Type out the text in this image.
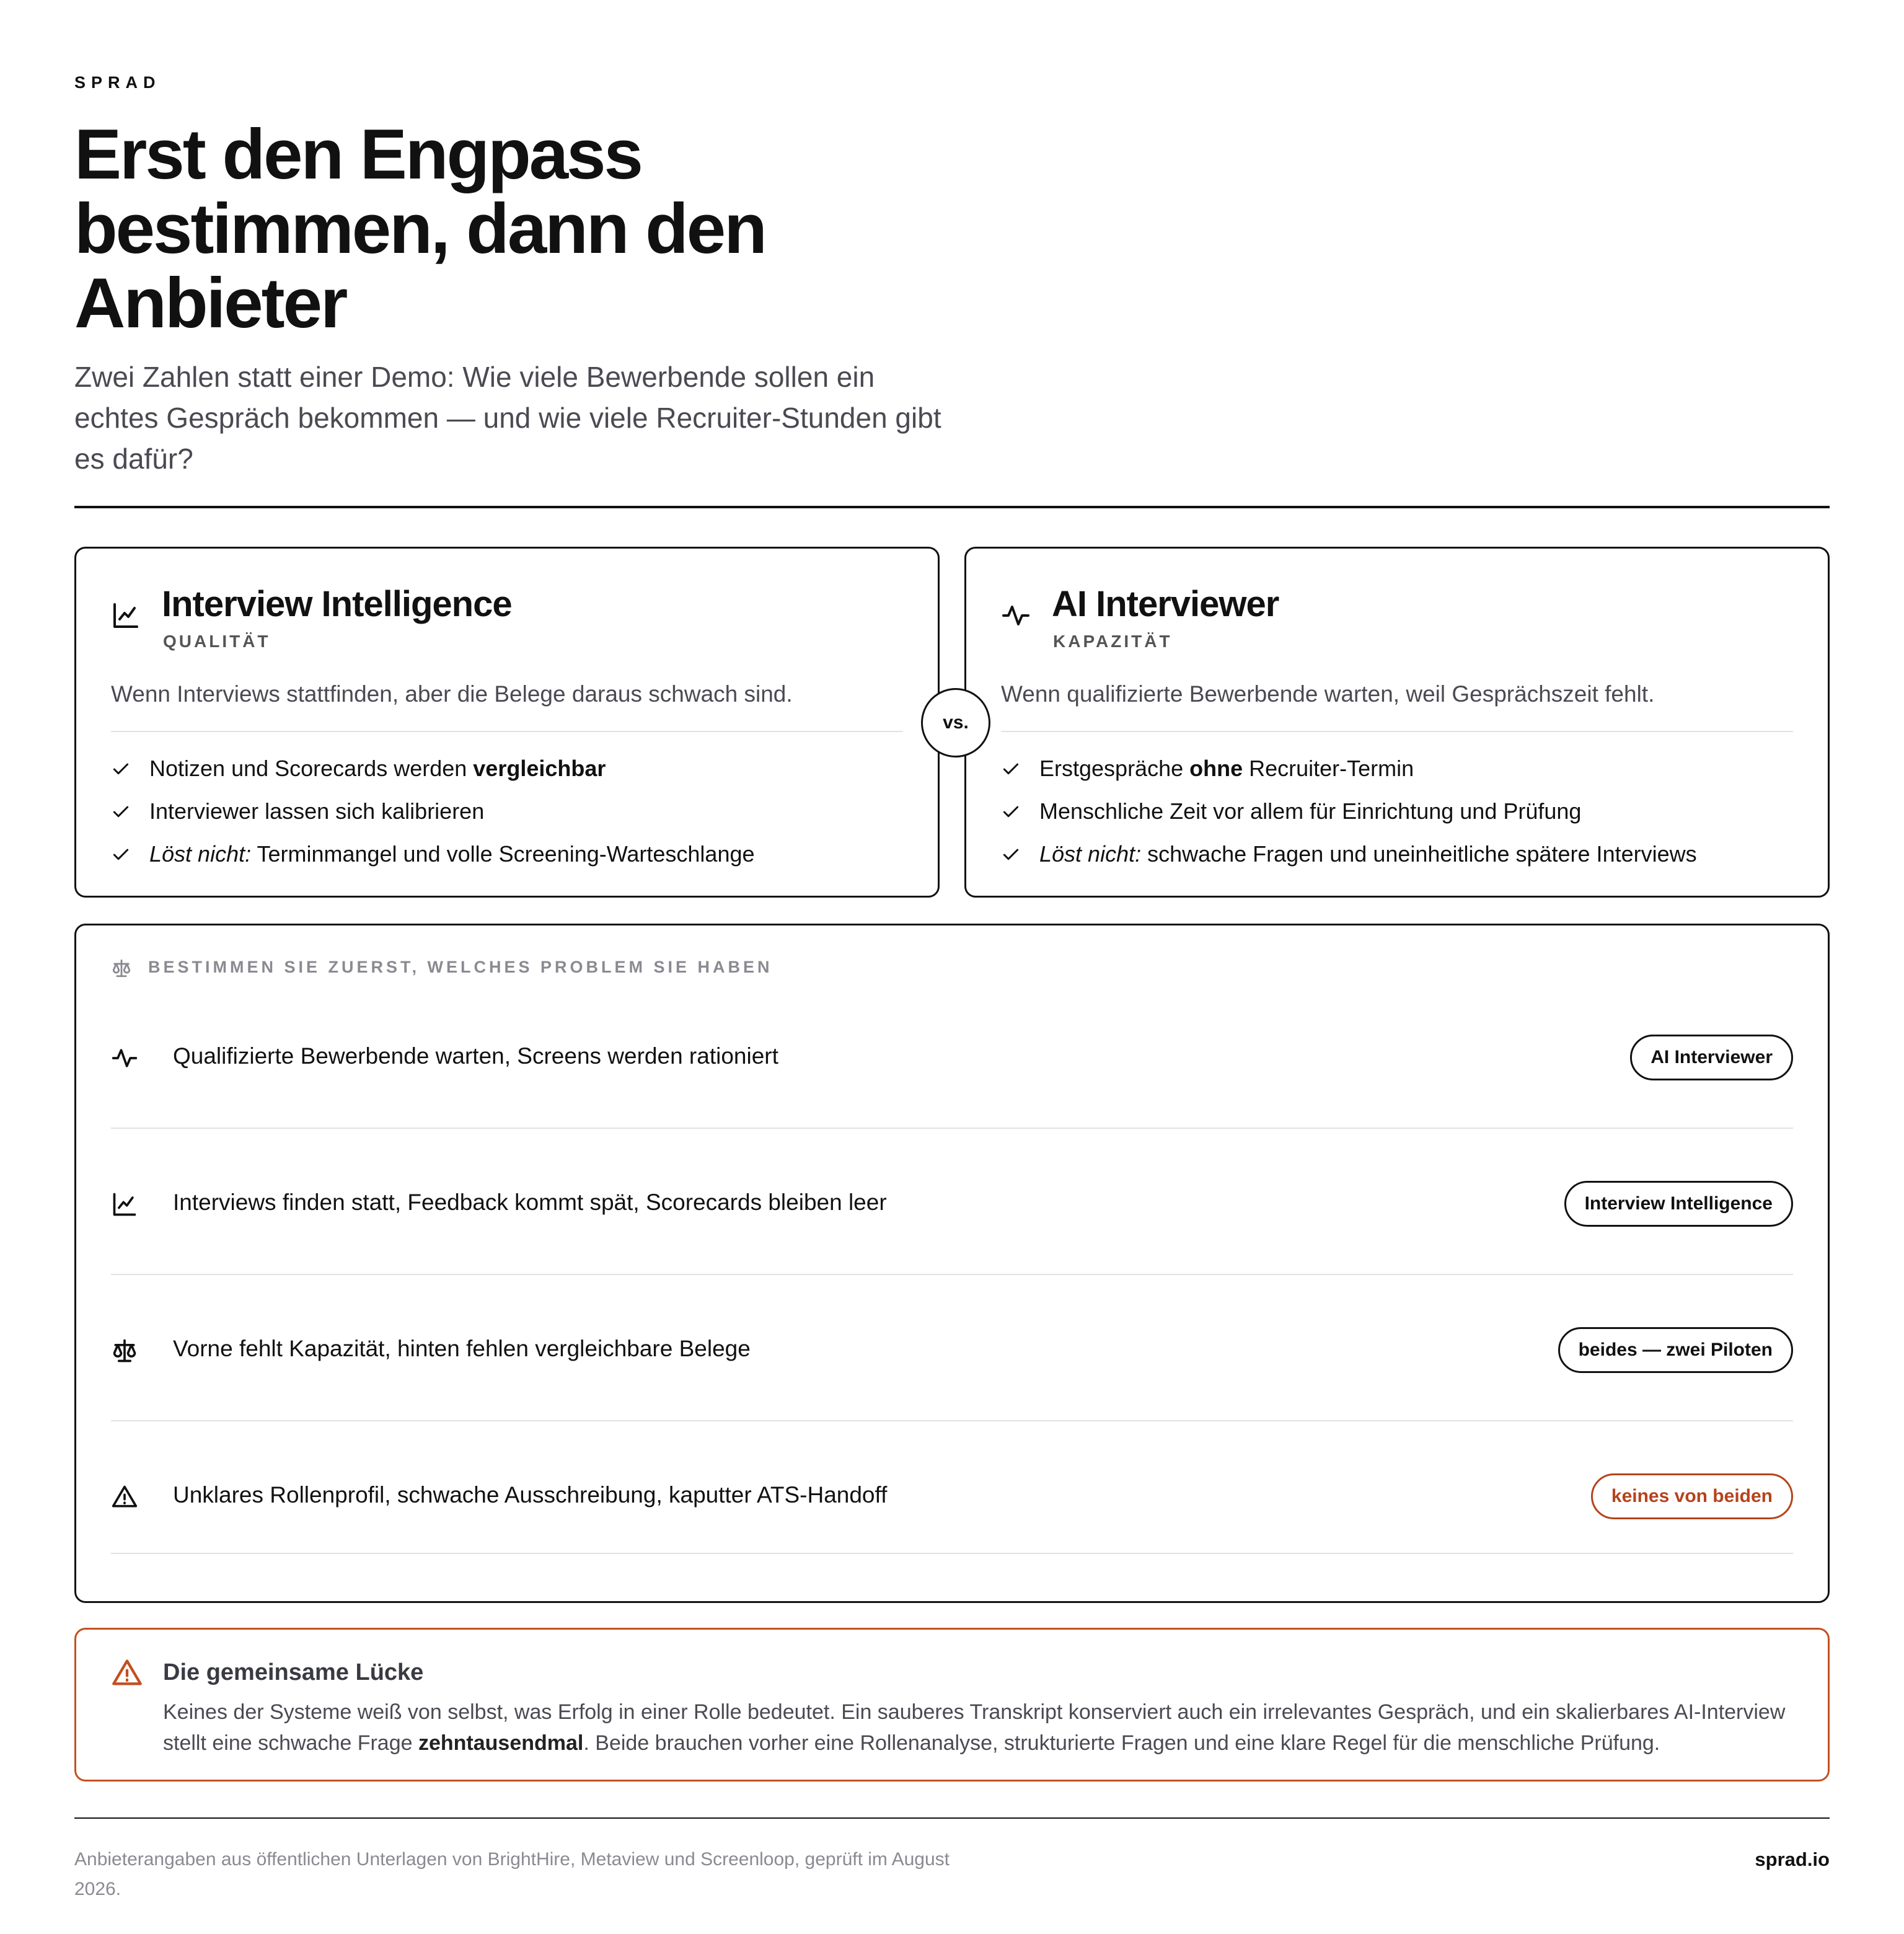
SPRAD
Erst den Engpass bestimmen, dann den Anbieter

Zwei Zahlen statt einer Demo: Wie viele Bewerbende sollen ein echtes Gespräch bekommen — und wie viele Recruiter-Stunden gibt es dafür?

Interview Intelligence
QUALITÄT
Wenn Interviews stattfinden, aber die Belege daraus schwach sind.
Notizen und Scorecards werden vergleichbar
Interviewer lassen sich kalibrieren
Löst nicht: Terminmangel und volle Screening-Warteschlange
vs.
AI Interviewer
KAPAZITÄT
Wenn qualifizierte Bewerbende warten, weil Gesprächszeit fehlt.
Erstgespräche ohne Recruiter-Termin
Menschliche Zeit vor allem für Einrichtung und Prüfung
Löst nicht: schwache Fragen und uneinheitliche spätere Interviews
BESTIMMEN SIE ZUERST, WELCHES PROBLEM SIE HABEN
Qualifizierte Bewerbende warten, Screens werden rationiert	AI Interviewer
Interviews finden statt, Feedback kommt spät, Scorecards bleiben leer	Interview Intelligence
Vorne fehlt Kapazität, hinten fehlen vergleichbare Belege	beides — zwei Piloten
Unklares Rollenprofil, schwache Ausschreibung, kaputter ATS-Handoff	keines von beiden
Die gemeinsame Lücke

Keines der Systeme weiß von selbst, was Erfolg in einer Rolle bedeutet. Ein sauberes Transkript konserviert auch ein irrelevantes Gespräch, und ein skalierbares AI-Interview stellt eine schwache Frage zehntausendmal. Beide brauchen vorher eine Rollenanalyse, strukturierte Fragen und eine klare Regel für die menschliche Prüfung.

Anbieterangaben aus öffentlichen Unterlagen von BrightHire, Metaview und Screenloop, geprüft im August 2026.

sprad.io
